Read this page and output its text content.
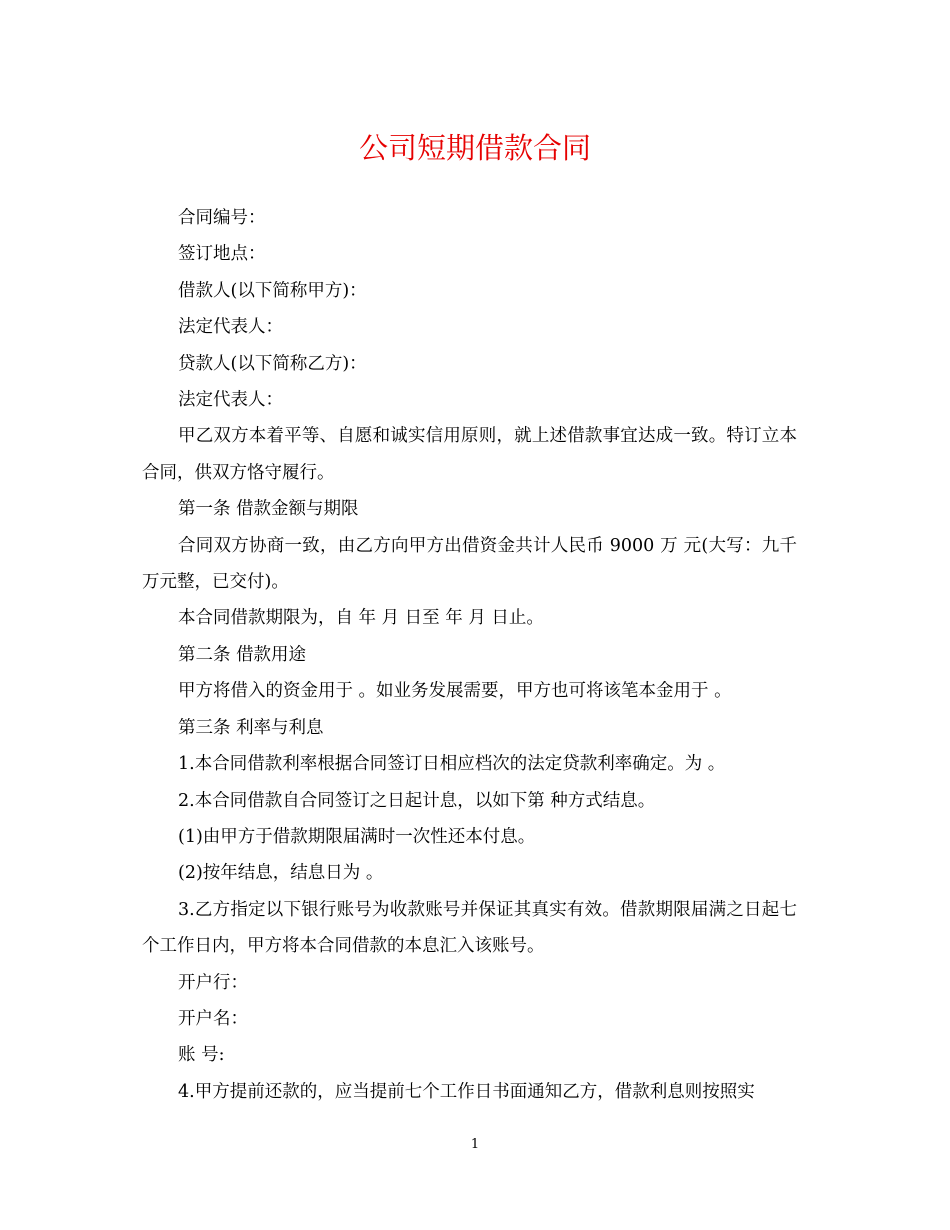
公司短期借款合同

合同编号：

签订地点：

借款人(以下简称甲方)：

法定代表人：

贷款人(以下简称乙方)：

法定代表人：

甲乙双方本着平等、自愿和诚实信用原则，就上述借款事宜达成一致。特订立本合同，供双方恪守履行。

第一条 借款金额与期限

合同双方协商一致，由乙方向甲方出借资金共计人民币 9000 万 元(大写：九千万元整，已交付)。

本合同借款期限为，自 年 月 日至 年 月 日止。

第二条 借款用途

甲方将借入的资金用于 。如业务发展需要，甲方也可将该笔本金用于 。

第三条 利率与利息

1.本合同借款利率根据合同签订日相应档次的法定贷款利率确定。为 。

2.本合同借款自合同签订之日起计息，以如下第 种方式结息。

(1)由甲方于借款期限届满时一次性还本付息。

(2)按年结息，结息日为 。

3.乙方指定以下银行账号为收款账号并保证其真实有效。借款期限届满之日起七个工作日内，甲方将本合同借款的本息汇入该账号。

开户行：

开户名：

账 号:

4.甲方提前还款的，应当提前七个工作日书面通知乙方，借款利息则按照实

1
